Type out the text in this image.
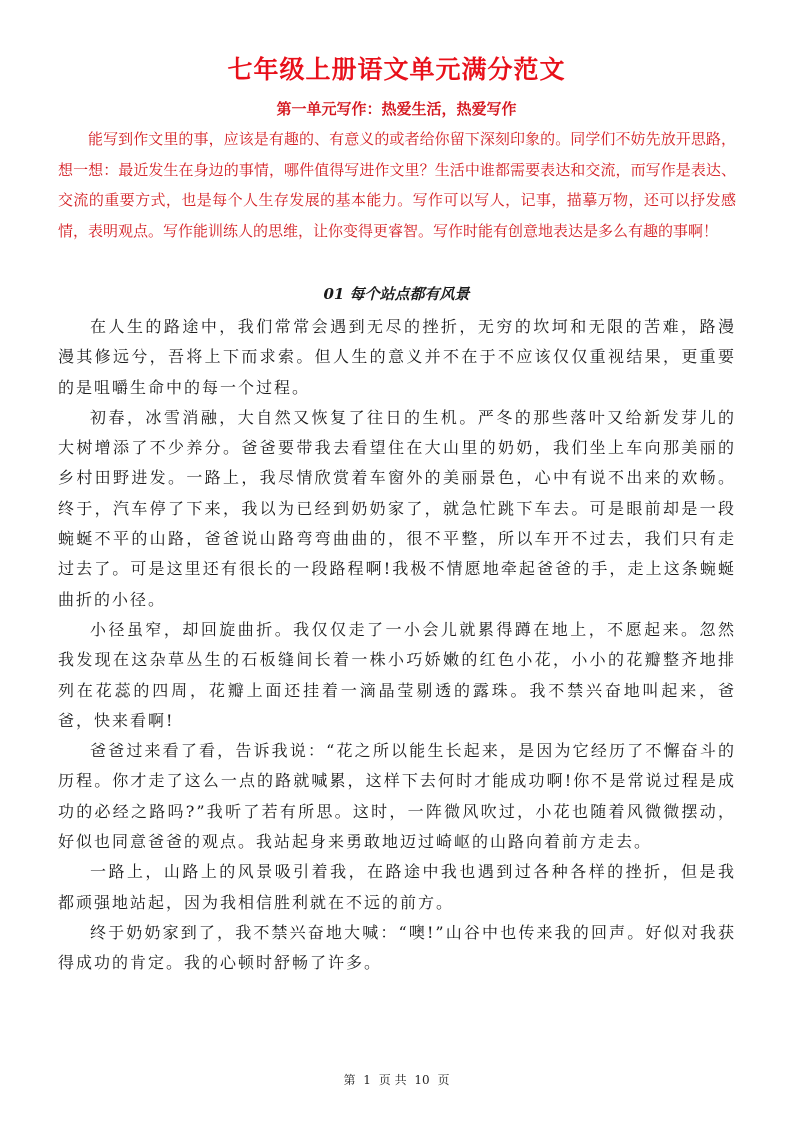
七年级上册语文单元满分范文
第一单元写作：热爱生活，热爱写作

能写到作文里的事，应该是有趣的、有意义的或者给你留下深刻印象的。同学们不妨先放开思路，想一想：最近发生在身边的事情，哪件值得写进作文里？生活中谁都需要表达和交流，而写作是表达、交流的重要方式，也是每个人生存发展的基本能力。写作可以写人，记事，描摹万物，还可以抒发感情，表明观点。写作能训练人的思维，让你变得更睿智。写作时能有创意地表达是多么有趣的事啊！

01 每个站点都有风景

在人生的路途中，我们常常会遇到无尽的挫折，无穷的坎坷和无限的苦难，路漫漫其修远兮，吾将上下而求索。但人生的意义并不在于不应该仅仅重视结果，更重要的是咀嚼生命中的每一个过程。

初春，冰雪消融，大自然又恢复了往日的生机。严冬的那些落叶又给新发芽儿的大树增添了不少养分。爸爸要带我去看望住在大山里的奶奶，我们坐上车向那美丽的乡村田野进发。一路上，我尽情欣赏着车窗外的美丽景色，心中有说不出来的欢畅。终于，汽车停了下来，我以为已经到奶奶家了，就急忙跳下车去。可是眼前却是一段蜿蜒不平的山路，爸爸说山路弯弯曲曲的，很不平整，所以车开不过去，我们只有走过去了。可是这里还有很长的一段路程啊!我极不情愿地牵起爸爸的手，走上这条蜿蜒曲折的小径。

小径虽窄，却回旋曲折。我仅仅走了一小会儿就累得蹲在地上，不愿起来。忽然我发现在这杂草丛生的石板缝间长着一株小巧娇嫩的红色小花，小小的花瓣整齐地排列在花蕊的四周，花瓣上面还挂着一滴晶莹剔透的露珠。我不禁兴奋地叫起来，爸爸，快来看啊!

爸爸过来看了看，告诉我说：“花之所以能生长起来，是因为它经历了不懈奋斗的历程。你才走了这么一点的路就喊累，这样下去何时才能成功啊!你不是常说过程是成功的必经之路吗?”我听了若有所思。这时，一阵微风吹过，小花也随着风微微摆动，好似也同意爸爸的观点。我站起身来勇敢地迈过崎岖的山路向着前方走去。

一路上，山路上的风景吸引着我，在路途中我也遇到过各种各样的挫折，但是我都顽强地站起，因为我相信胜利就在不远的前方。

终于奶奶家到了，我不禁兴奋地大喊：“噢!”山谷中也传来我的回声。好似对我获得成功的肯定。我的心顿时舒畅了许多。

第 1 页 共 10 页
